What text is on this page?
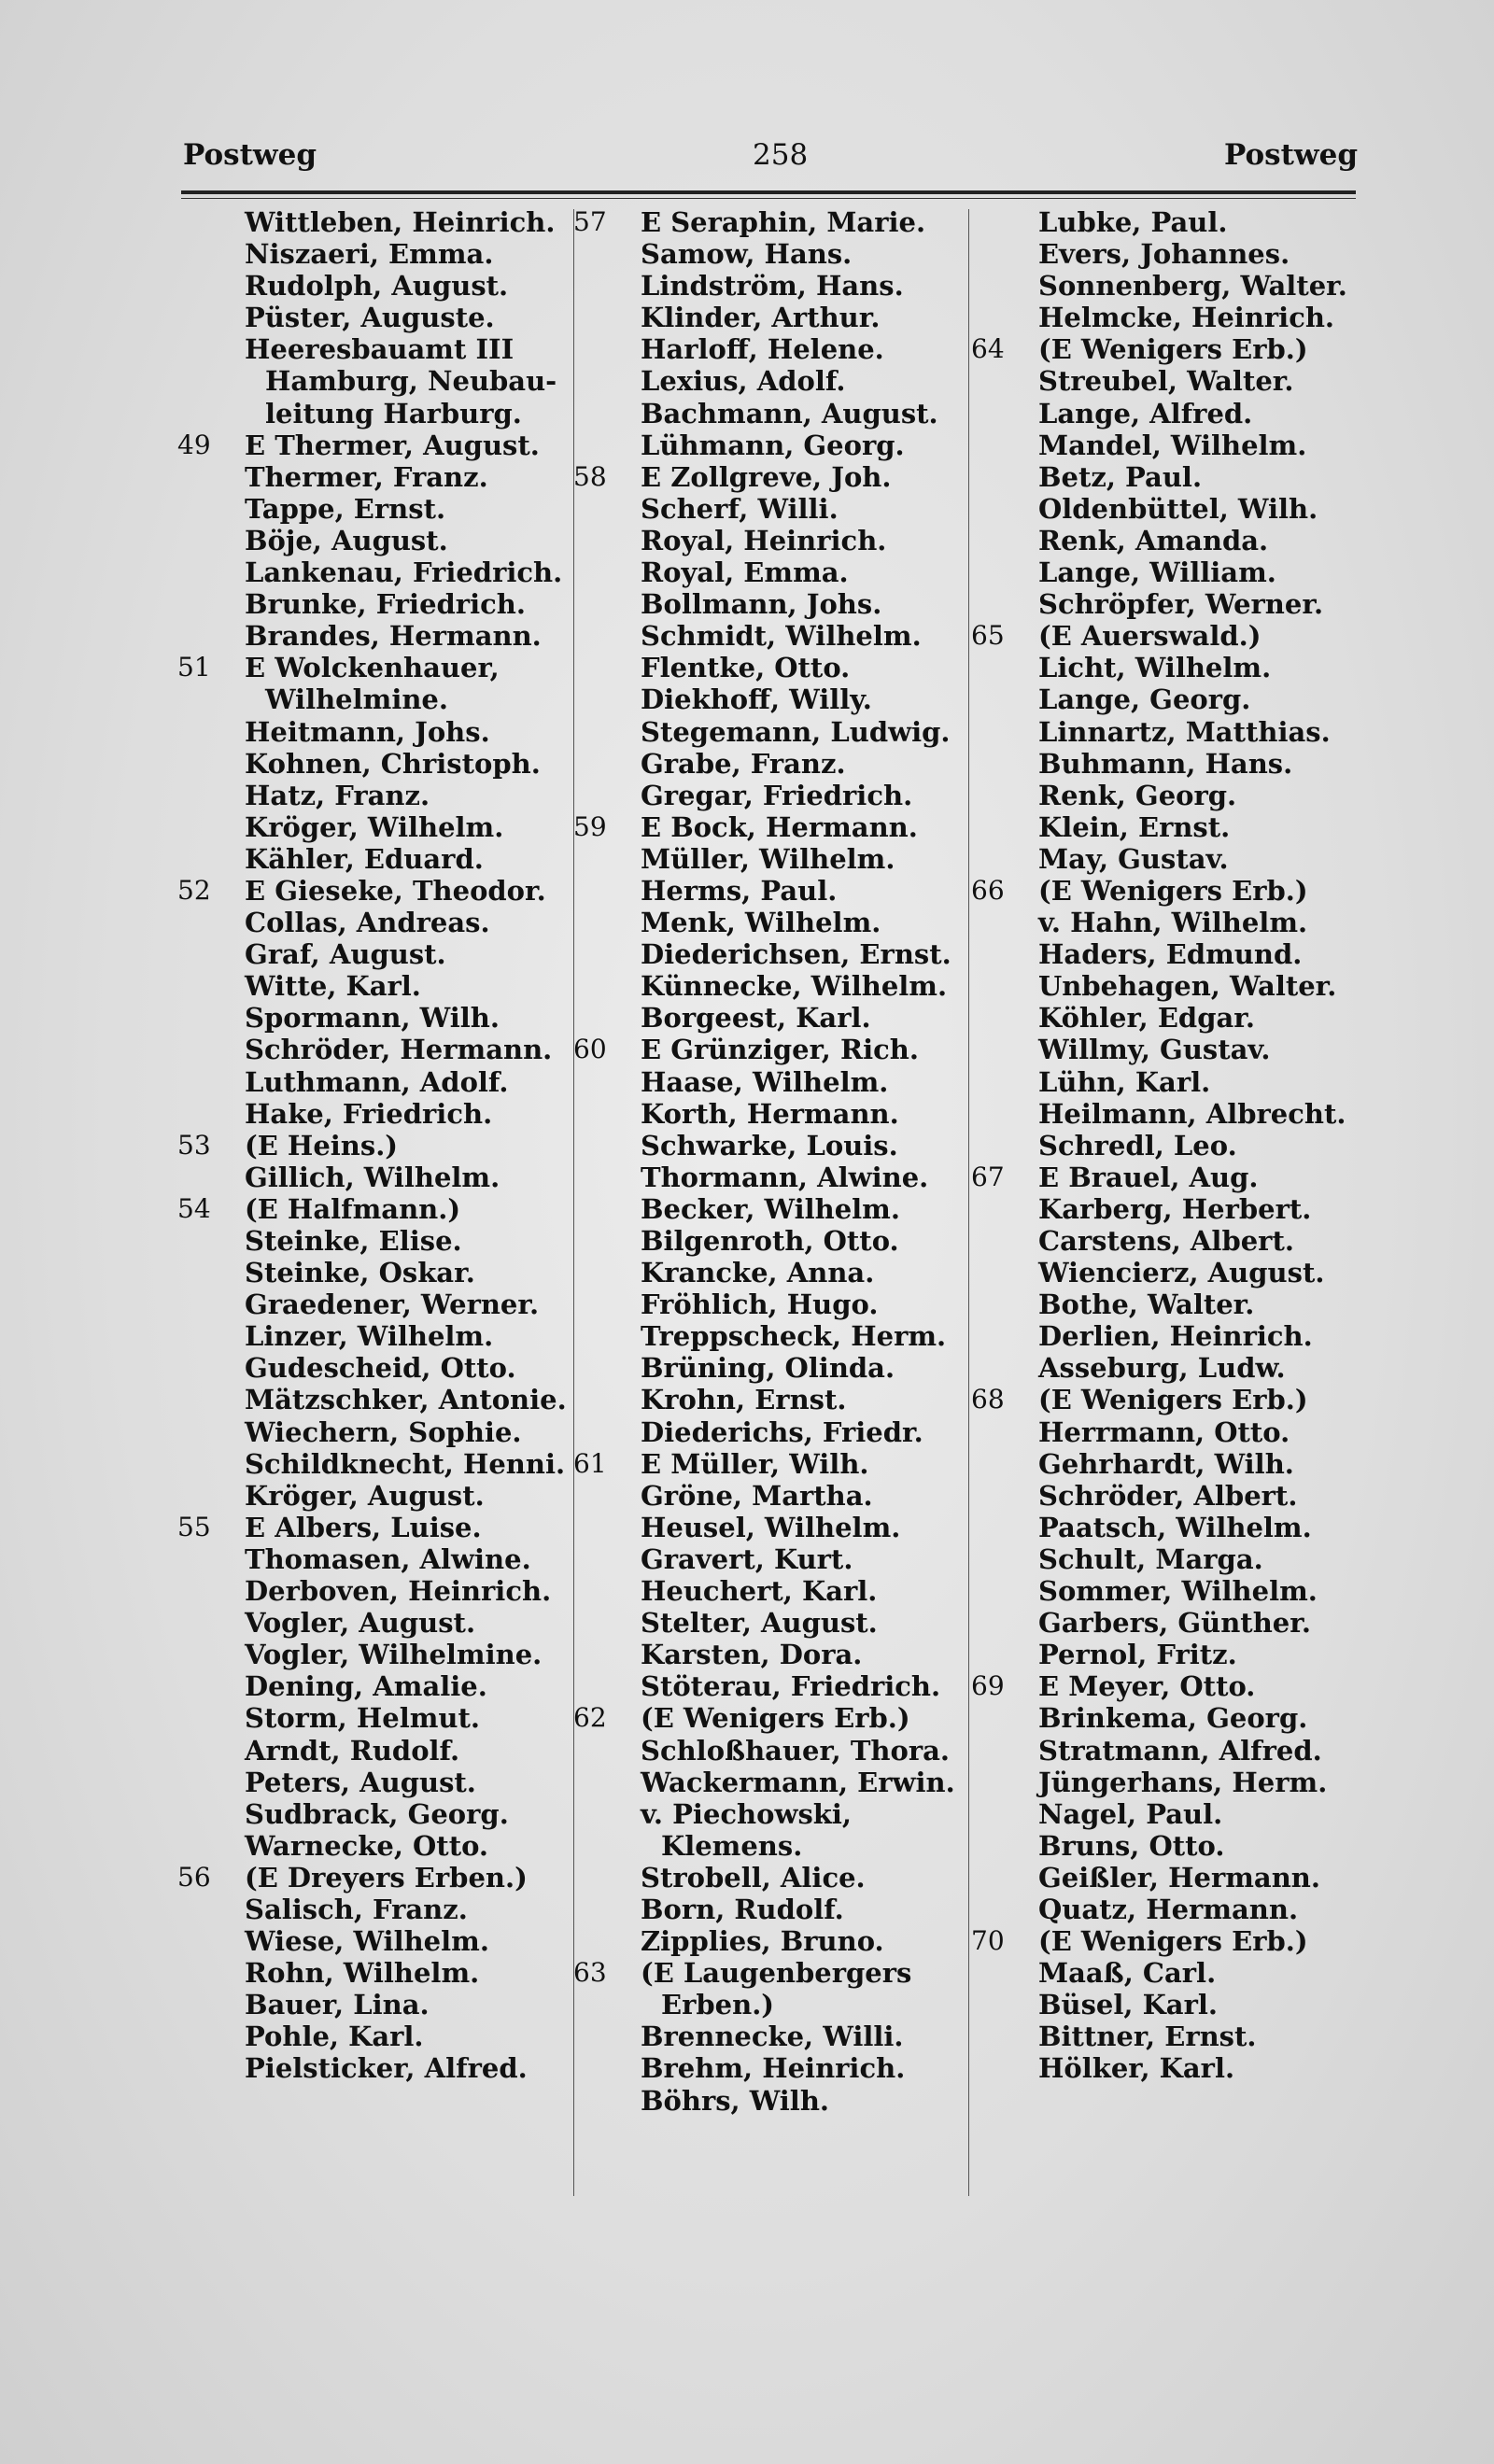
Postweg	258	Postweg
Wittleben, Heinrich.
Niszaeri, Emma.
Rudolph, August.
Püster, Auguste.
Heeresbauamt III
Hamburg, Neubau-
leitung Harburg.
49	E Thermer, August.
Thermer, Franz.
Tappe, Ernst.
Böje, August.
Lankenau, Friedrich.
Brunke, Friedrich.
Brandes, Hermann.
51	E Wolckenhauer,
Wilhelmine.
Heitmann, Johs.
Kohnen, Christoph.
Hatz, Franz.
Kröger, Wilhelm.
Kähler, Eduard.
52	E Gieseke, Theodor.
Collas, Andreas.
Graf, August.
Witte, Karl.
Spormann, Wilh.
Schröder, Hermann.
Luthmann, Adolf.
Hake, Friedrich.
53	(E Heins.)
Gillich, Wilhelm.
54	(E Halfmann.)
Steinke, Elise.
Steinke, Oskar.
Graedener, Werner.
Linzer, Wilhelm.
Gudescheid, Otto.
Mätzschker, Antonie.
Wiechern, Sophie.
Schildknecht, Henni.
Kröger, August.
55	E Albers, Luise.
Thomasen, Alwine.
Derboven, Heinrich.
Vogler, August.
Vogler, Wilhelmine.
Dening, Amalie.
Storm, Helmut.
Arndt, Rudolf.
Peters, August.
Sudbrack, Georg.
Warnecke, Otto.
56	(E Dreyers Erben.)
Salisch, Franz.
Wiese, Wilhelm.
Rohn, Wilhelm.
Bauer, Lina.
Pohle, Karl.
Pielsticker, Alfred.
57	E Seraphin, Marie.
Samow, Hans.
Lindström, Hans.
Klinder, Arthur.
Harloff, Helene.
Lexius, Adolf.
Bachmann, August.
Lühmann, Georg.
58	E Zollgreve, Joh.
Scherf, Willi.
Royal, Heinrich.
Royal, Emma.
Bollmann, Johs.
Schmidt, Wilhelm.
Flentke, Otto.
Diekhoff, Willy.
Stegemann, Ludwig.
Grabe, Franz.
Gregar, Friedrich.
59	E Bock, Hermann.
Müller, Wilhelm.
Herms, Paul.
Menk, Wilhelm.
Diederichsen, Ernst.
Künnecke, Wilhelm.
Borgeest, Karl.
60	E Grünziger, Rich.
Haase, Wilhelm.
Korth, Hermann.
Schwarke, Louis.
Thormann, Alwine.
Becker, Wilhelm.
Bilgenroth, Otto.
Krancke, Anna.
Fröhlich, Hugo.
Treppscheck, Herm.
Brüning, Olinda.
Krohn, Ernst.
Diederichs, Friedr.
61	E Müller, Wilh.
Gröne, Martha.
Heusel, Wilhelm.
Gravert, Kurt.
Heuchert, Karl.
Stelter, August.
Karsten, Dora.
Stöterau, Friedrich.
62	(E Wenigers Erb.)
Schloßhauer, Thora.
Wackermann, Erwin.
v. Piechowski,
Klemens.
Strobell, Alice.
Born, Rudolf.
Zipplies, Bruno.
63	(E Laugenbergers
Erben.)
Brennecke, Willi.
Brehm, Heinrich.
Böhrs, Wilh.
Lubke, Paul.
Evers, Johannes.
Sonnenberg, Walter.
Helmcke, Heinrich.
64	(E Wenigers Erb.)
Streubel, Walter.
Lange, Alfred.
Mandel, Wilhelm.
Betz, Paul.
Oldenbüttel, Wilh.
Renk, Amanda.
Lange, William.
Schröpfer, Werner.
65	(E Auerswald.)
Licht, Wilhelm.
Lange, Georg.
Linnartz, Matthias.
Buhmann, Hans.
Renk, Georg.
Klein, Ernst.
May, Gustav.
66	(E Wenigers Erb.)
v. Hahn, Wilhelm.
Haders, Edmund.
Unbehagen, Walter.
Köhler, Edgar.
Willmy, Gustav.
Lühn, Karl.
Heilmann, Albrecht.
Schredl, Leo.
67	E Brauel, Aug.
Karberg, Herbert.
Carstens, Albert.
Wiencierz, August.
Bothe, Walter.
Derlien, Heinrich.
Asseburg, Ludw.
68	(E Wenigers Erb.)
Herrmann, Otto.
Gehrhardt, Wilh.
Schröder, Albert.
Paatsch, Wilhelm.
Schult, Marga.
Sommer, Wilhelm.
Garbers, Günther.
Pernol, Fritz.
69	E Meyer, Otto.
Brinkema, Georg.
Stratmann, Alfred.
Jüngerhans, Herm.
Nagel, Paul.
Bruns, Otto.
Geißler, Hermann.
Quatz, Hermann.
70	(E Wenigers Erb.)
Maaß, Carl.
Büsel, Karl.
Bittner, Ernst.
Hölker, Karl.
